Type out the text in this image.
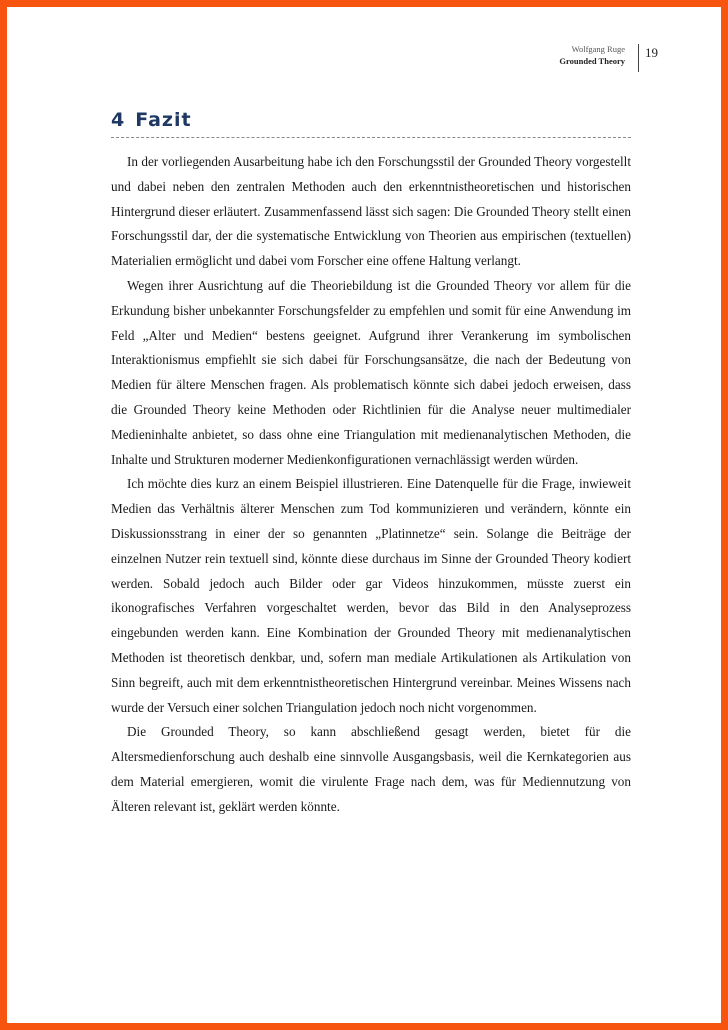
Wolfgang Ruge
Grounded Theory
19
4 Fazit

In der vorliegenden Ausarbeitung habe ich den Forschungsstil der Grounded Theory vorgestellt und dabei neben den zentralen Methoden auch den erkenntnistheoretischen und historischen Hintergrund dieser erläutert. Zusammenfassend lässt sich sagen: Die Grounded Theory stellt einen Forschungsstil dar, der die systematische Entwicklung von Theorien aus empirischen (textuellen) Materialien ermöglicht und dabei vom Forscher eine offene Haltung verlangt.

Wegen ihrer Ausrichtung auf die Theoriebildung ist die Grounded Theory vor allem für die Erkundung bisher unbekannter Forschungsfelder zu empfehlen und somit für eine Anwendung im Feld „Alter und Medien“ bestens geeignet. Aufgrund ihrer Verankerung im symbolischen Interaktionismus empfiehlt sie sich dabei für Forschungsansätze, die nach der Bedeutung von Medien für ältere Menschen fragen. Als problematisch könnte sich dabei jedoch erweisen, dass die Grounded Theory keine Methoden oder Richtlinien für die Analyse neuer multimedialer Medieninhalte anbietet, so dass ohne eine Triangulation mit medienanalytischen Methoden, die Inhalte und Strukturen moderner Medienkonfigurationen vernachlässigt werden würden.

Ich möchte dies kurz an einem Beispiel illustrieren. Eine Datenquelle für die Frage, inwieweit Medien das Verhältnis älterer Menschen zum Tod kommunizieren und verändern, könnte ein Diskussionsstrang in einer der so genannten „Platinnetze“ sein. Solange die Beiträge der einzelnen Nutzer rein textuell sind, könnte diese durchaus im Sinne der Grounded Theory kodiert werden. Sobald jedoch auch Bilder oder gar Videos hinzukommen, müsste zuerst ein ikonografisches Verfahren vorgeschaltet werden, bevor das Bild in den Analyseprozess eingebunden werden kann. Eine Kombination der Grounded Theory mit medienanalytischen Methoden ist theoretisch denkbar, und, sofern man mediale Artikulationen als Artikulation von Sinn begreift, auch mit dem erkenntnistheoretischen Hintergrund vereinbar. Meines Wissens nach wurde der Versuch einer solchen Triangulation jedoch noch nicht vorgenommen.

Die Grounded Theory, so kann abschließend gesagt werden, bietet für die Altersmedienforschung auch deshalb eine sinnvolle Ausgangsbasis, weil die Kernkategorien aus dem Material emergieren, womit die virulente Frage nach dem, was für Mediennutzung von Älteren relevant ist, geklärt werden könnte.
